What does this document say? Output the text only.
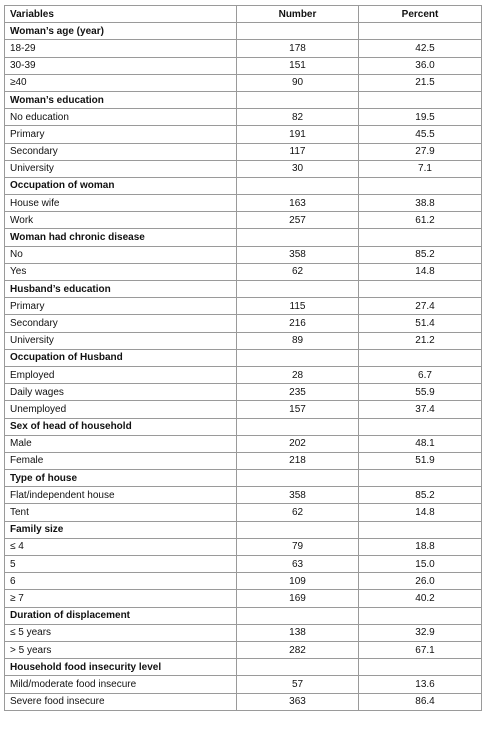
Variables	Number	Percent
Woman’s age (year)		
18-29	178	42.5
30-39	151	36.0
≥40	90	21.5
Woman’s education		
No education	82	19.5
Primary	191	45.5
Secondary	117	27.9
University	30	7.1
Occupation of woman		
House wife	163	38.8
Work	257	61.2
Woman had chronic disease		
No	358	85.2
Yes	62	14.8
Husband’s education		
Primary	115	27.4
Secondary	216	51.4
University	89	21.2
Occupation of Husband		
Employed	28	6.7
Daily wages	235	55.9
Unemployed	157	37.4
Sex of head of household		
Male	202	48.1
Female	218	51.9
Type of house		
Flat/independent house	358	85.2
Tent	62	14.8
Family size		
≤ 4	79	18.8
5	63	15.0
6	109	26.0
≥ 7	169	40.2
Duration of displacement		
≤ 5 years	138	32.9
> 5 years	282	67.1
Household food insecurity level		
Mild/moderate food insecure	57	13.6
Severe food insecure	363	86.4
